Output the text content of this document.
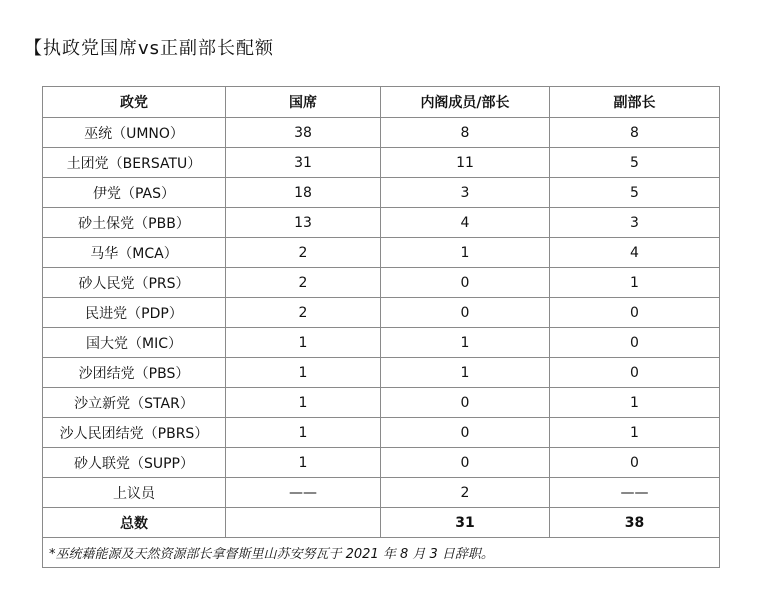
【执政党国席vs正副部长配额
政党	国席	内阁成员/部长	副部长
巫统（UMNO）	38	8	8
土团党（BERSATU）	31	11	5
伊党（PAS）	18	3	5
砂土保党（PBB）	13	4	3
马华（MCA）	2	1	4
砂人民党（PRS）	2	0	1
民进党（PDP）	2	0	0
国大党（MIC）	1	1	0
沙团结党（PBS）	1	1	0
沙立新党（STAR）	1	0	1
沙人民团结党（PBRS）	1	0	1
砂人联党（SUPP）	1	0	0
上议员	——	2	——
总数		31	38
*巫统藉能源及天然资源部长拿督斯里山苏安努瓦于 2021 年 8 月 3 日辞职。			
